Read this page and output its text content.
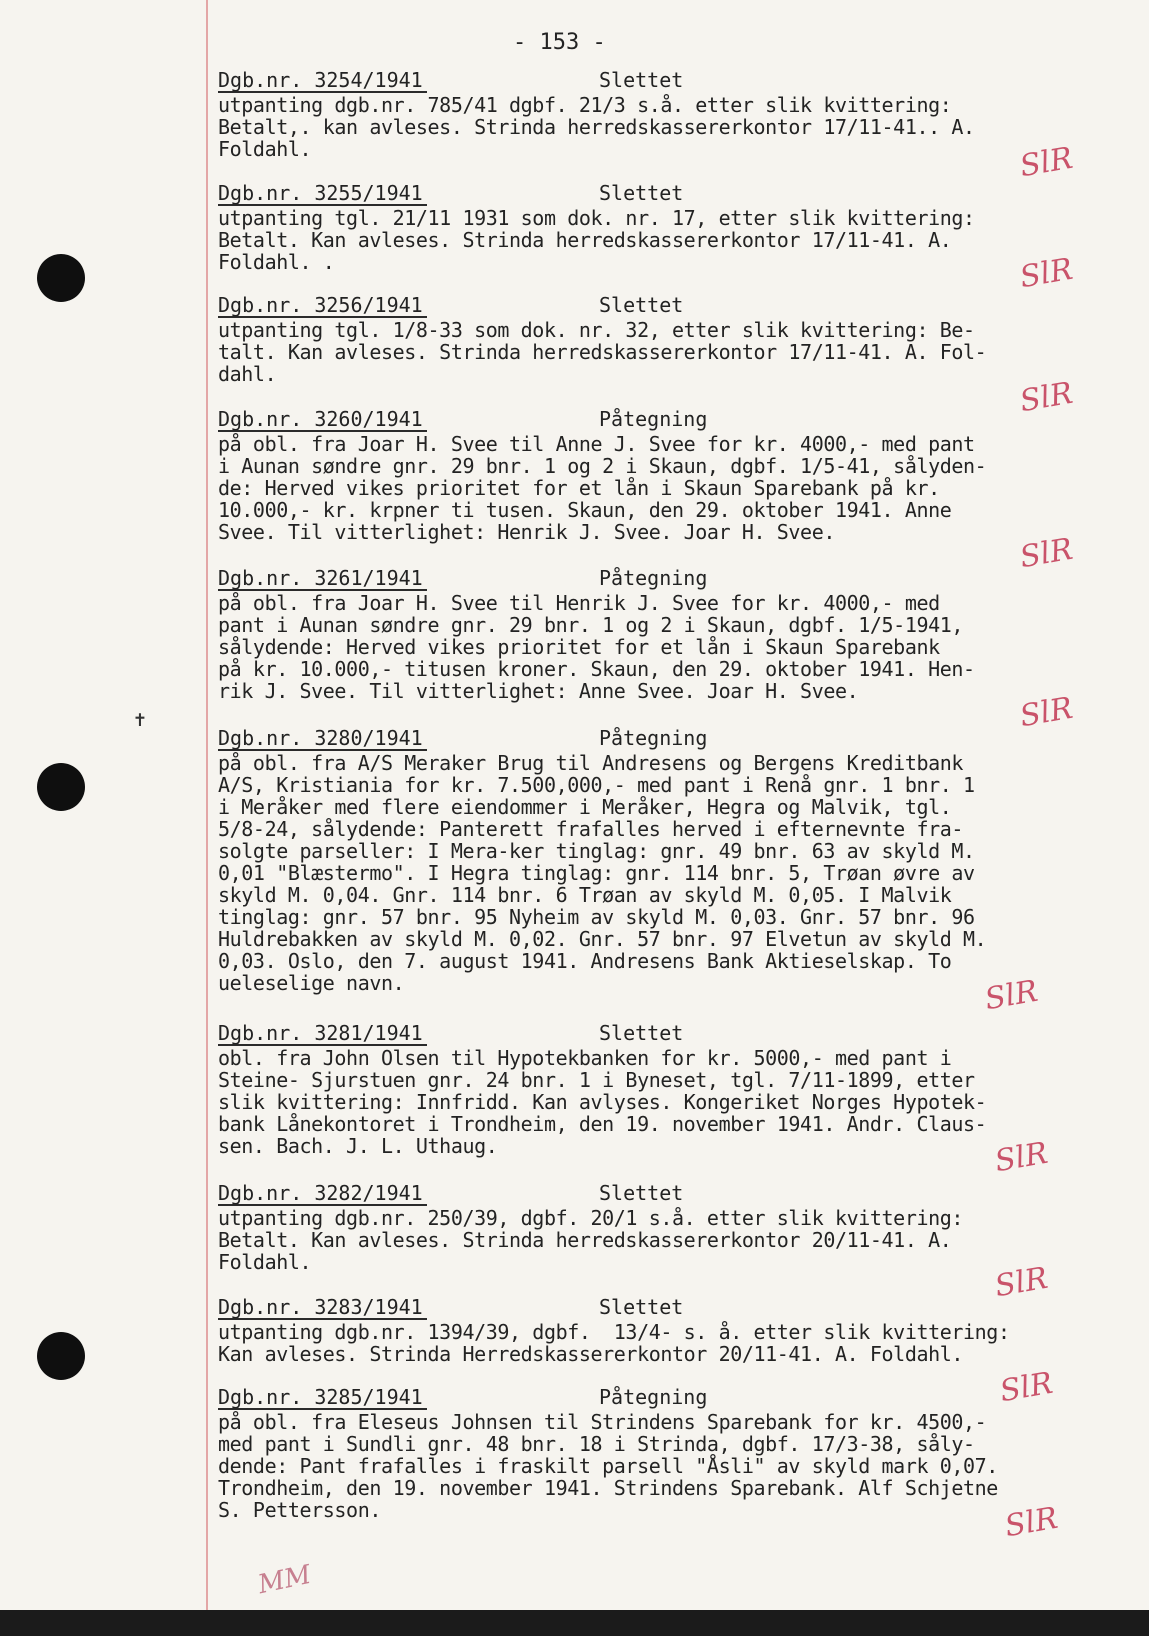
✝
- 153 -
Dgb.nr. 3254/1941	Slettet
utpanting dgb.nr. 785/41 dgbf. 21/3 s.å. etter slik kvittering:
Betalt,. kan avleses. Strinda herredskassererkontor 17/11-41.. A.
Foldahl.	SlR
Dgb.nr. 3255/1941	Slettet
utpanting tgl. 21/11 1931 som dok. nr. 17, etter slik kvittering:
Betalt. Kan avleses. Strinda herredskassererkontor 17/11-41. A.
Foldahl. .	SlR
Dgb.nr. 3256/1941	Slettet
utpanting tgl. 1/8-33 som dok. nr. 32, etter slik kvittering: Be-
talt. Kan avleses. Strinda herredskassererkontor 17/11-41. A. Fol-
dahl.
SlR
Dgb.nr. 3260/1941	Påtegning
på obl. fra Joar H. Svee til Anne J. Svee for kr. 4000,- med pant
i Aunan søndre gnr. 29 bnr. 1 og 2 i Skaun, dgbf. 1/5-41, sålyden-
de: Herved vikes prioritet for et lån i Skaun Sparebank på kr.
10.000,- kr. krpner ti tusen. Skaun, den 29. oktober 1941. Anne
Svee. Til vitterlighet: Henrik J. Svee. Joar H. Svee.	SlR
Dgb.nr. 3261/1941	Påtegning
på obl. fra Joar H. Svee til Henrik J. Svee for kr. 4000,- med
pant i Aunan søndre gnr. 29 bnr. 1 og 2 i Skaun, dgbf. 1/5-1941,
sålydende: Herved vikes prioritet for et lån i Skaun Sparebank
på kr. 10.000,- titusen kroner. Skaun, den 29. oktober 1941. Hen-
rik J. Svee. Til vitterlighet: Anne Svee. Joar H. Svee.	SlR
Dgb.nr. 3280/1941	Påtegning
på obl. fra A/S Meraker Brug til Andresens og Bergens Kreditbank
A/S, Kristiania for kr. 7.500,000,- med pant i Renå gnr. 1 bnr. 1
i Meråker med flere eiendommer i Meråker, Hegra og Malvik, tgl.
5/8-24, sålydende: Panterett frafalles herved i efternevnte fra-
solgte parseller: I Mera-ker tinglag: gnr. 49 bnr. 63 av skyld M.
0,01 "Blæstermo". I Hegra tinglag: gnr. 114 bnr. 5, Trøan øvre av
skyld M. 0,04. Gnr. 114 bnr. 6 Trøan av skyld M. 0,05. I Malvik
tinglag: gnr. 57 bnr. 95 Nyheim av skyld M. 0,03. Gnr. 57 bnr. 96
Huldrebakken av skyld M. 0,02. Gnr. 57 bnr. 97 Elvetun av skyld M.
0,03. Oslo, den 7. august 1941. Andresens Bank Aktieselskap. To
ueleselige navn.	SlR
Dgb.nr. 3281/1941	Slettet
obl. fra John Olsen til Hypotekbanken for kr. 5000,- med pant i
Steine- Sjurstuen gnr. 24 bnr. 1 i Byneset, tgl. 7/11-1899, etter
slik kvittering: Innfridd. Kan avlyses. Kongeriket Norges Hypotek-
bank Lånekontoret i Trondheim, den 19. november 1941. Andr. Claus-
sen. Bach. J. L. Uthaug.	SlR
Dgb.nr. 3282/1941	Slettet
utpanting dgb.nr. 250/39, dgbf. 20/1 s.å. etter slik kvittering:
Betalt. Kan avleses. Strinda herredskassererkontor 20/11-41. A.
Foldahl.	SlR
Dgb.nr. 3283/1941	Slettet
utpanting dgb.nr. 1394/39, dgbf.  13/4- s. å. etter slik kvittering:
Kan avleses. Strinda Herredskassererkontor 20/11-41. A. Foldahl.
SlR
Dgb.nr. 3285/1941	Påtegning
på obl. fra Eleseus Johnsen til Strindens Sparebank for kr. 4500,-
med pant i Sundli gnr. 48 bnr. 18 i Strinda, dgbf. 17/3-38, såly-
dende: Pant frafalles i fraskilt parsell "Åsli" av skyld mark 0,07.
Trondheim, den 19. november 1941. Strindens Sparebank. Alf Schjetne
S. Pettersson.	SlR
MM
